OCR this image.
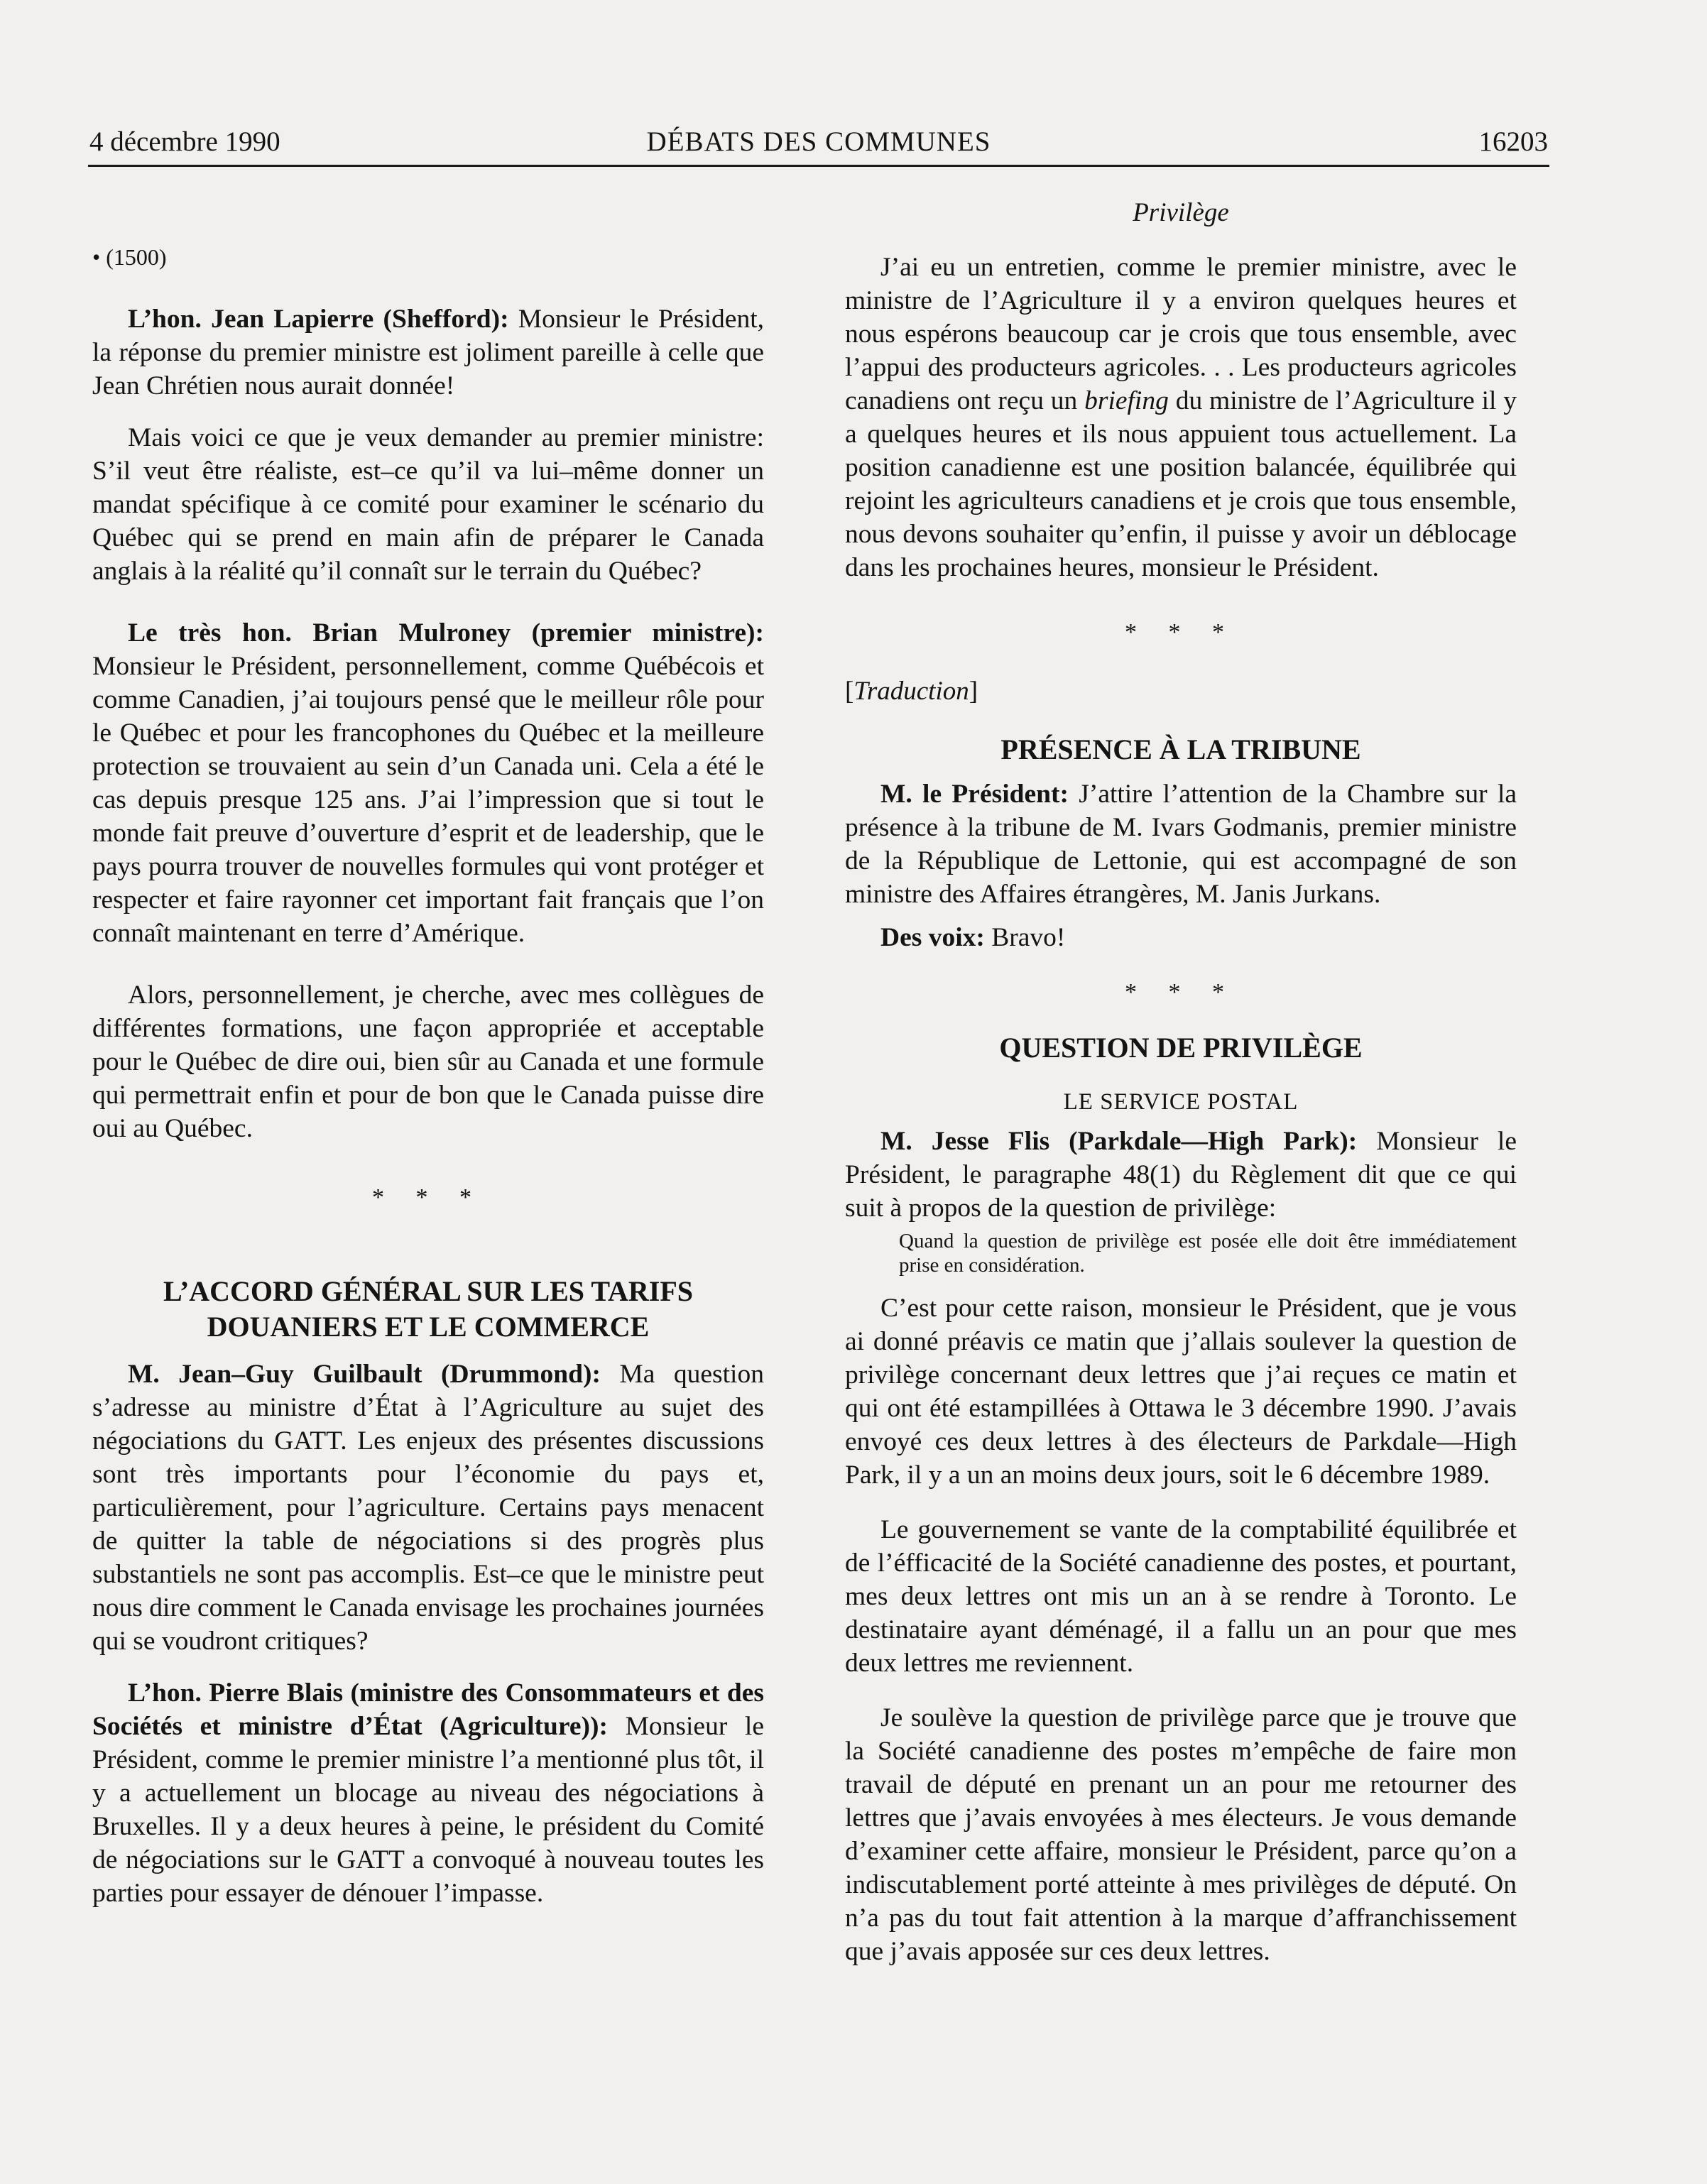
4 décembre 1990	DÉBATS DES COMMUNES	16203

• (1500)

L’hon. Jean Lapierre (Shefford): Monsieur le Président, la réponse du premier ministre est joliment pareille à celle que Jean Chrétien nous aurait donnée!

Mais voici ce que je veux demander au premier ministre: S’il veut être réaliste, est–ce qu’il va lui–même donner un mandat spécifique à ce comité pour examiner le scénario du Québec qui se prend en main afin de préparer le Canada anglais à la réalité qu’il connaît sur le terrain du Québec?

Le très hon. Brian Mulroney (premier ministre): Monsieur le Président, personnellement, comme Québécois et comme Canadien, j’ai toujours pensé que le meilleur rôle pour le Québec et pour les francophones du Québec et la meilleure protection se trouvaient au sein d’un Canada uni. Cela a été le cas depuis presque 125 ans. J’ai l’impression que si tout le monde fait preuve d’ouverture d’esprit et de leadership, que le pays pourra trouver de nouvelles formules qui vont protéger et respecter et faire rayonner cet important fait français que l’on connaît maintenant en terre d’Amérique.

Alors, personnellement, je cherche, avec mes collègues de différentes formations, une façon appropriée et acceptable pour le Québec de dire oui, bien sûr au Canada et une formule qui permettrait enfin et pour de bon que le Canada puisse dire oui au Québec.

* * *

L’ACCORD GÉNÉRAL SUR LES TARIFS
DOUANIERS ET LE COMMERCE

M. Jean–Guy Guilbault (Drummond): Ma question s’adresse au ministre d’État à l’Agriculture au sujet des négociations du GATT. Les enjeux des présentes discussions sont très importants pour l’économie du pays et, particulièrement, pour l’agriculture. Certains pays menacent de quitter la table de négociations si des progrès plus substantiels ne sont pas accomplis. Est–ce que le ministre peut nous dire comment le Canada envisage les prochaines journées qui se voudront critiques?

L’hon. Pierre Blais (ministre des Consommateurs et des Sociétés et ministre d’État (Agriculture)): Monsieur le Président, comme le premier ministre l’a mentionné plus tôt, il y a actuellement un blocage au niveau des négociations à Bruxelles. Il y a deux heures à peine, le président du Comité de négociations sur le GATT a convoqué à nouveau toutes les parties pour essayer de dénouer l’impasse.

Privilège

J’ai eu un entretien, comme le premier ministre, avec le ministre de l’Agriculture il y a environ quelques heures et nous espérons beaucoup car je crois que tous ensemble, avec l’appui des producteurs agricoles. . . Les producteurs agricoles canadiens ont reçu un briefing du ministre de l’Agriculture il y a quelques heures et ils nous appuient tous actuellement. La position canadienne est une position balancée, équilibrée qui rejoint les agriculteurs canadiens et je crois que tous ensemble, nous devons souhaiter qu’enfin, il puisse y avoir un déblocage dans les prochaines heures, monsieur le Président.

* * *

[Traduction]

PRÉSENCE À LA TRIBUNE

M. le Président: J’attire l’attention de la Chambre sur la présence à la tribune de M. Ivars Godmanis, premier ministre de la République de Lettonie, qui est accompagné de son ministre des Affaires étrangères, M. Janis Jurkans.

Des voix: Bravo!

* * *

QUESTION DE PRIVILÈGE

LE SERVICE POSTAL

M. Jesse Flis (Parkdale—High Park): Monsieur le Président, le paragraphe 48(1) du Règlement dit que ce qui suit à propos de la question de privilège:

Quand la question de privilège est posée elle doit être immédiatement prise en considération.

C’est pour cette raison, monsieur le Président, que je vous ai donné préavis ce matin que j’allais soulever la question de privilège concernant deux lettres que j’ai reçues ce matin et qui ont été estampillées à Ottawa le 3 décembre 1990. J’avais envoyé ces deux lettres à des électeurs de Parkdale—High Park, il y a un an moins deux jours, soit le 6 décembre 1989.

Le gouvernement se vante de la comptabilité équilibrée et de l’éfficacité de la Société canadienne des postes, et pourtant, mes deux lettres ont mis un an à se rendre à Toronto. Le destinataire ayant déménagé, il a fallu un an pour que mes deux lettres me reviennent.

Je soulève la question de privilège parce que je trouve que la Société canadienne des postes m’empêche de faire mon travail de député en prenant un an pour me retourner des lettres que j’avais envoyées à mes électeurs. Je vous demande d’examiner cette affaire, monsieur le Président, parce qu’on a indiscutablement porté atteinte à mes privilèges de député. On n’a pas du tout fait attention à la marque d’affranchissement que j’avais apposée sur ces deux lettres.
